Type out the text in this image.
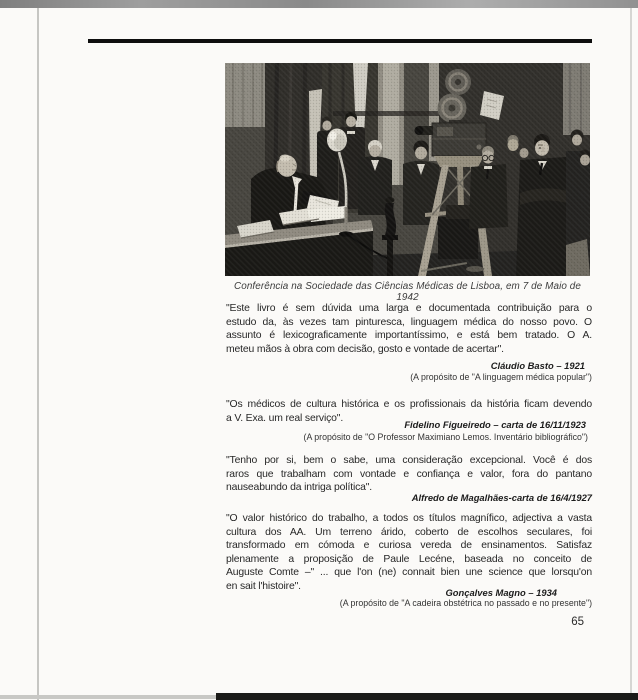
Conferência na Sociedade das Ciências Médicas de Lisboa, em 7 de Maio de 1942
"Este livro é sem dúvida uma larga e documentada contribuição para o
estudo da, às vezes tam pinturesca, linguagem médica do nosso povo. O
assunto é lexicograficamente importantíssimo, e está bem tratado. O A.
meteu mãos à obra com decisão, gosto e vontade de acertar".
Cláudio Basto – 1921
(A propósito de "A linguagem médica popular")
"Os médicos de cultura histórica e os profissionais da história ficam devendo
a V. Exa. um real serviço".
Fidelino Figueiredo – carta de 16/11/1923
(A propósito de "O Professor Maximiano Lemos. Inventário bibliográfico")
"Tenho por si, bem o sabe, uma consideração excepcional. Você é dos
raros que trabalham com vontade e confiança e valor, fora do pantano
nauseabundo da intriga política".
Alfredo de Magalhães-carta de 16/4/1927
"O valor histórico do trabalho, a todos os títulos magnífico, adjectiva a vasta
cultura dos AA. Um terreno árido, coberto de escolhos seculares, foi
transformado em cómoda e curiosa vereda de ensinamentos. Satisfaz
plenamente a proposição de Paule Lecéne, baseada no conceito de
Auguste Comte –" ... que l'on (ne) connait bien une science que lorsqu'on
en sait l'histoire".
Gonçalves Magno – 1934
(A propósito de "A cadeira obstétrica no passado e no presente")
65
